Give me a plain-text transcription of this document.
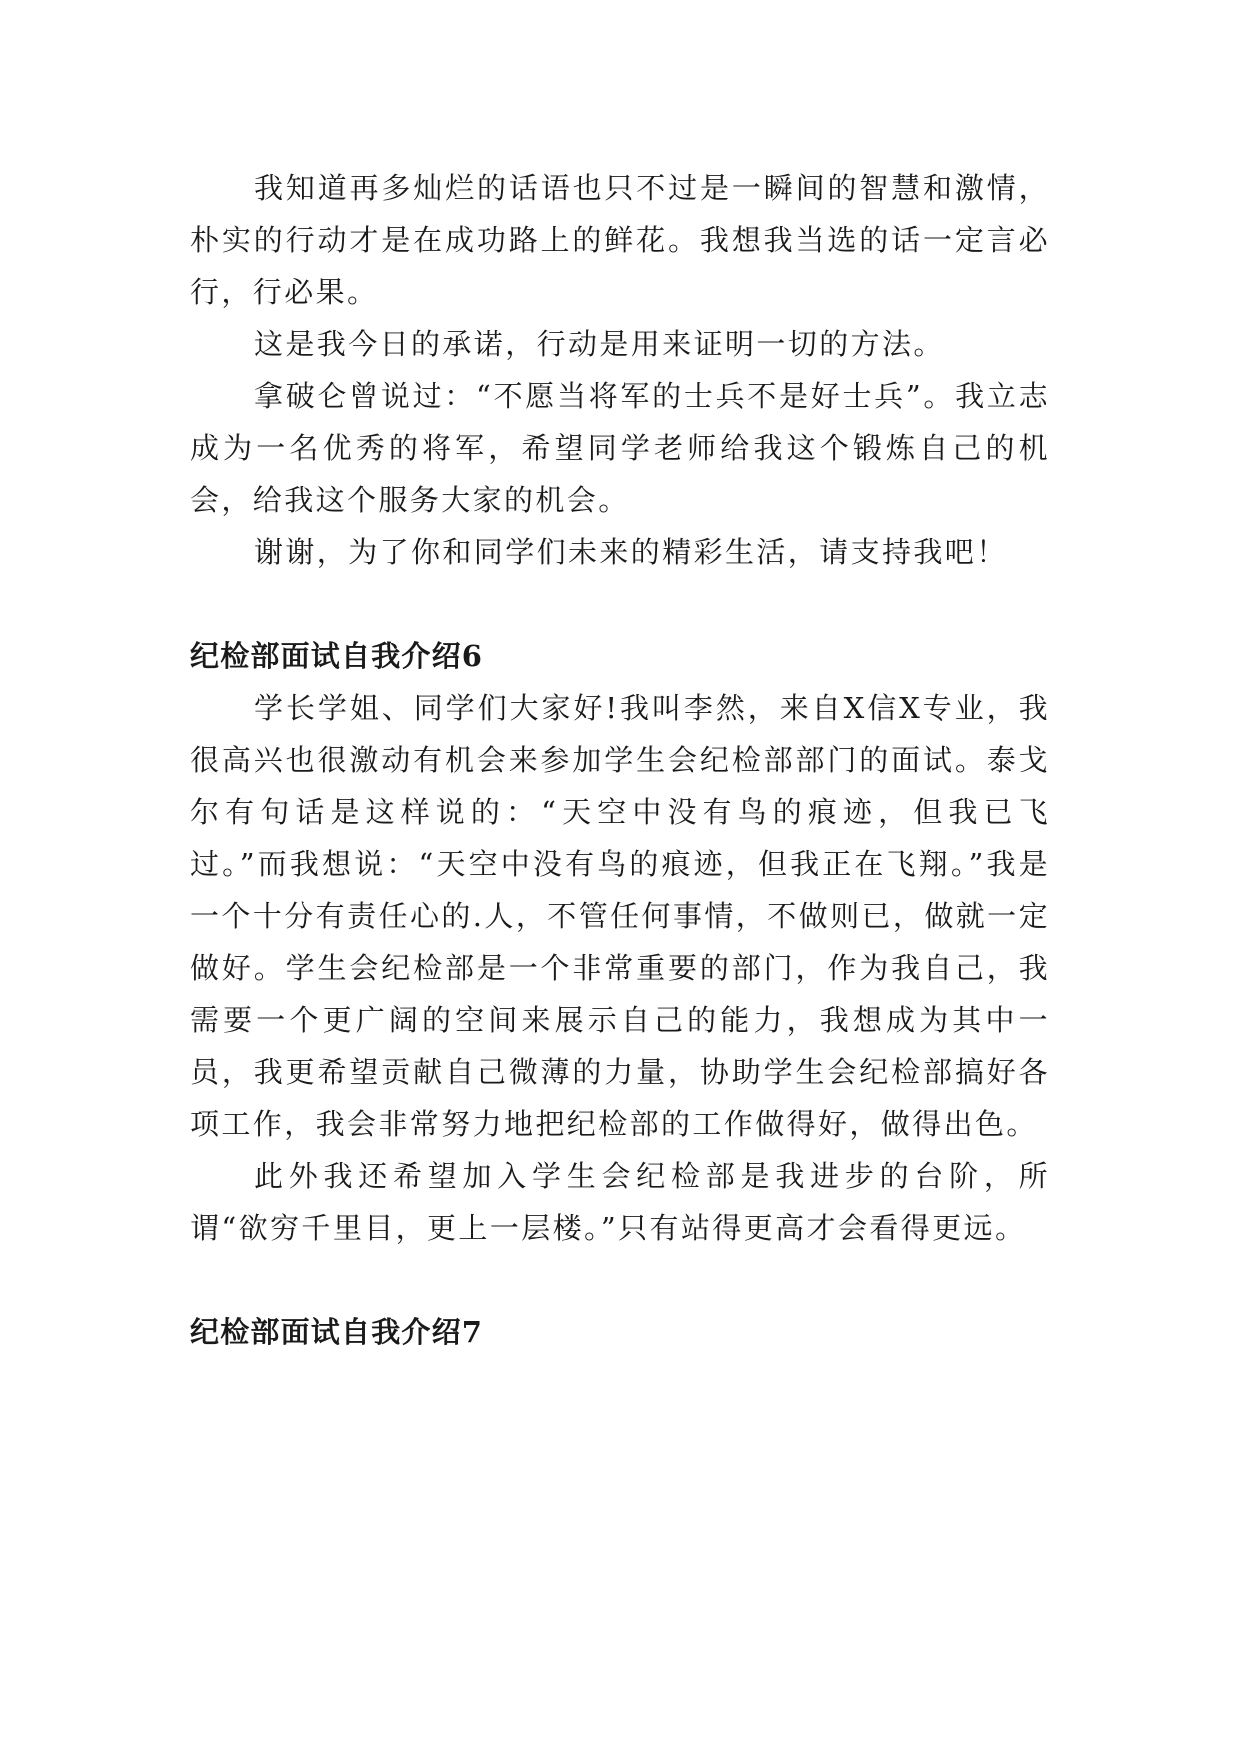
我知道再多灿烂的话语也只不过是一瞬间的智慧和激情，朴实的行动才是在成功路上的鲜花。我想我当选的话一定言必行，行必果。

这是我今日的承诺，行动是用来证明一切的方法。

拿破仑曾说过：“不愿当将军的士兵不是好士兵”。我立志成为一名优秀的将军，希望同学老师给我这个锻炼自己的机会，给我这个服务大家的机会。

谢谢，为了你和同学们未来的精彩生活，请支持我吧！

纪检部面试自我介绍6

学长学姐、同学们大家好!我叫李然，来自X信X专业，我很高兴也很激动有机会来参加学生会纪检部部门的面试。泰戈尔有句话是这样说的：“天空中没有鸟的痕迹，但我已飞过。”而我想说：“天空中没有鸟的痕迹，但我正在飞翔。”我是一个十分有责任心的.人，不管任何事情，不做则已，做就一定做好。学生会纪检部是一个非常重要的部门，作为我自己，我需要一个更广阔的空间来展示自己的能力，我想成为其中一员，我更希望贡献自己微薄的力量，协助学生会纪检部搞好各项工作，我会非常努力地把纪检部的工作做得好，做得出色。

此外我还希望加入学生会纪检部是我进步的台阶，所谓“欲穷千里目，更上一层楼。”只有站得更高才会看得更远。

纪检部面试自我介绍7
